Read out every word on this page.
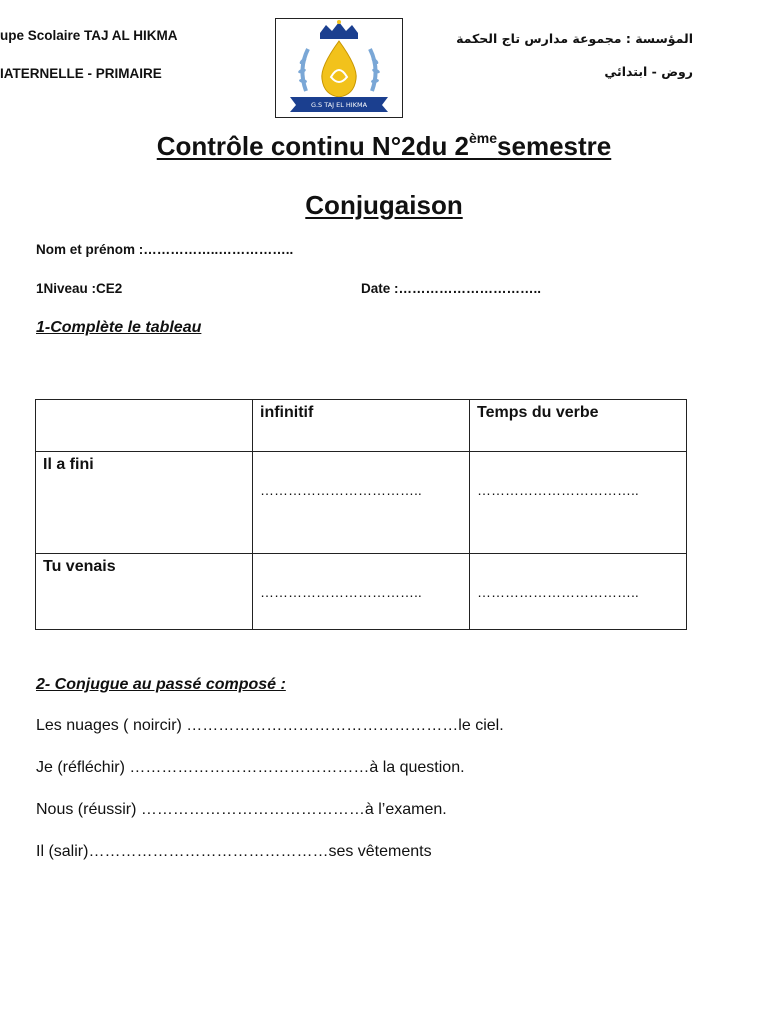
upe Scolaire TAJ AL HIKMA
IATERNELLE - PRIMAIRE
G.S TAJ EL HIKMA
المؤسسة : مجموعة مدارس تاج الحكمة
روض - ابتدائي
Contrôle continu N°2du 2èmesemestre
Conjugaison
Nom et prénom :……………..……………..
1Niveau :CE2	Date :…………………………..
1-Complète le tableau

	infinitif	Temps du verbe

Il a fini	……………………………..	……………………………..

Tu venais	……………………………..	……………………………..
2- Conjugue au passé composé :
Les nuages ( noircir) ……………………………………………le ciel.
Je (réfléchir) ………………………………………à la question.
Nous (réussir) ……………………………………à l’examen.
Il (salir)………………………………………ses vêtements
